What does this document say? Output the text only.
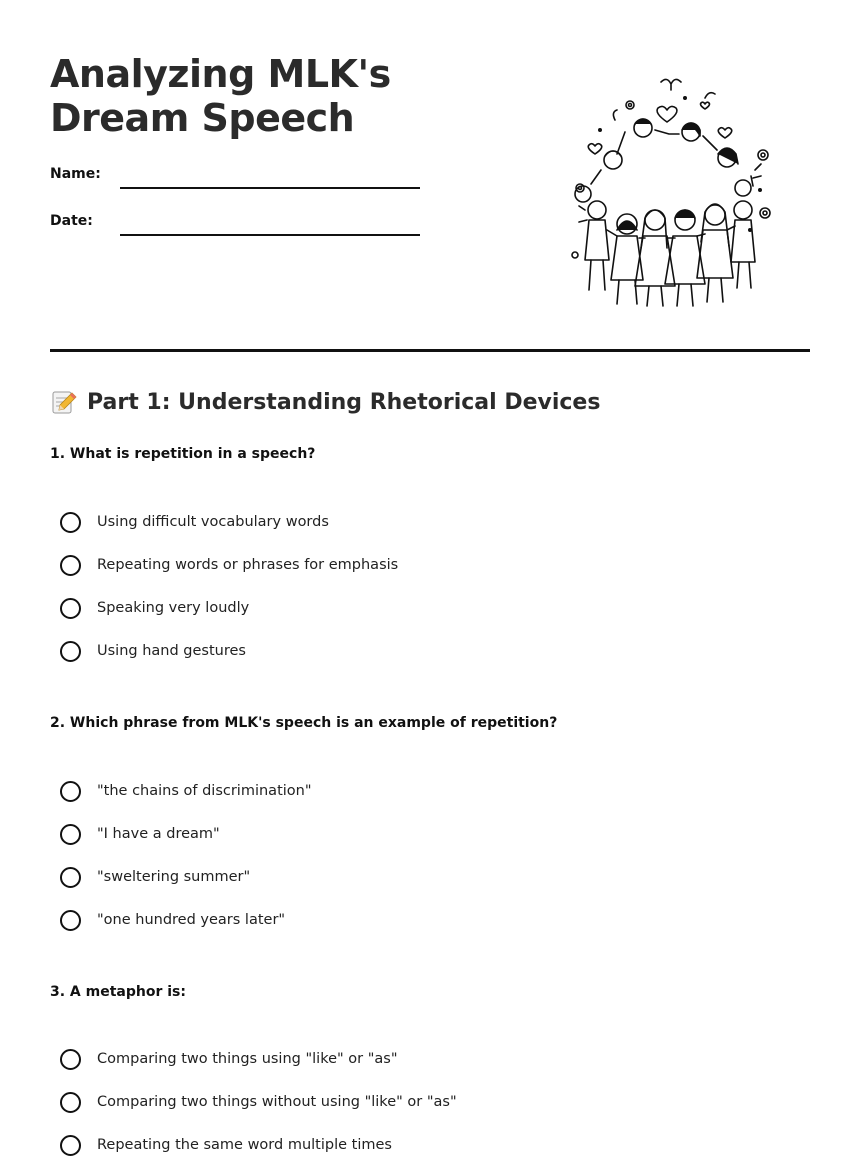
Analyzing MLK's Dream Speech
Name:
Date:
Part 1: Understanding Rhetorical Devices
1. What is repetition in a speech?
Using difficult vocabulary words
Repeating words or phrases for emphasis
Speaking very loudly
Using hand gestures
2. Which phrase from MLK's speech is an example of repetition?
"the chains of discrimination"
"I have a dream"
"sweltering summer"
"one hundred years later"
3. A metaphor is:
Comparing two things using "like" or "as"
Comparing two things without using "like" or "as"
Repeating the same word multiple times
